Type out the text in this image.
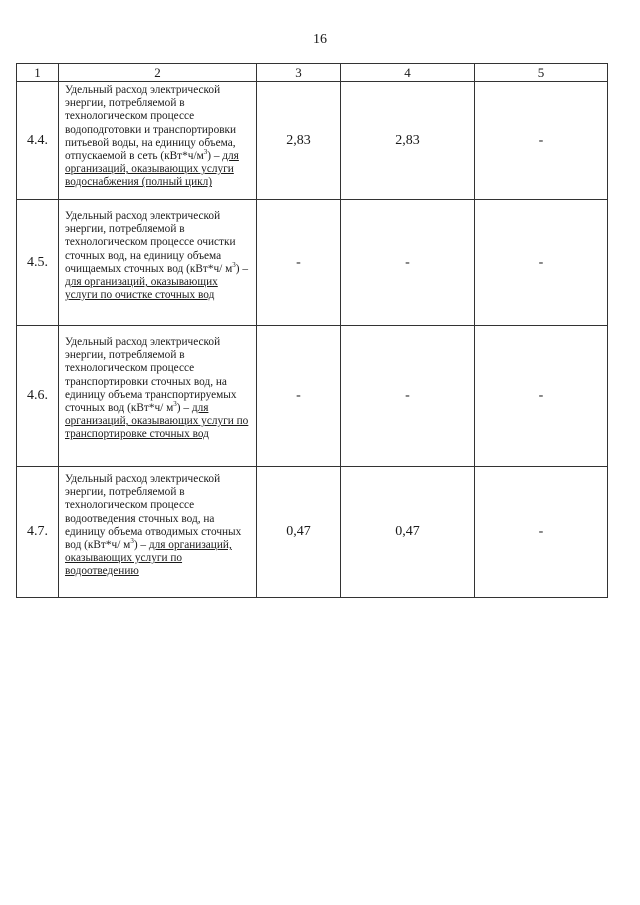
16
1	2	3	4	5
4.4.	Удельный расход электрической энергии, потребляемой в технологическом процессе водоподготовки и транспортировки питьевой воды, на единицу объема, отпускаемой в сеть $(кВт*ч/м^3)$ – для организаций, оказывающих услуги водоснабжения (полный цикл)	2,83	2,83	-
4.5.	Удельный расход электрической энергии, потребляемой в технологическом процессе очистки сточных вод, на единицу объема очищаемых сточных вод (кВт*ч/ $м^3$) – для организаций, оказывающих услуги по очистке сточных вод	-	-	-
4.6.	Удельный расход электрической энергии, потребляемой в технологическом процессе транспортировки сточных вод, на единицу объема транспортируемых сточных вод (кВт*ч/ $м^3$) – для организаций, оказывающих услуги по транспортировке сточных вод	-	-	-
4.7.	Удельный расход электрической энергии, потребляемой в технологическом процессе водоотведения сточных вод, на единицу объема отводимых сточных вод (кВт*ч/ $м^3$) – для организаций, оказывающих услуги по водоотведению	0,47	0,47	-
